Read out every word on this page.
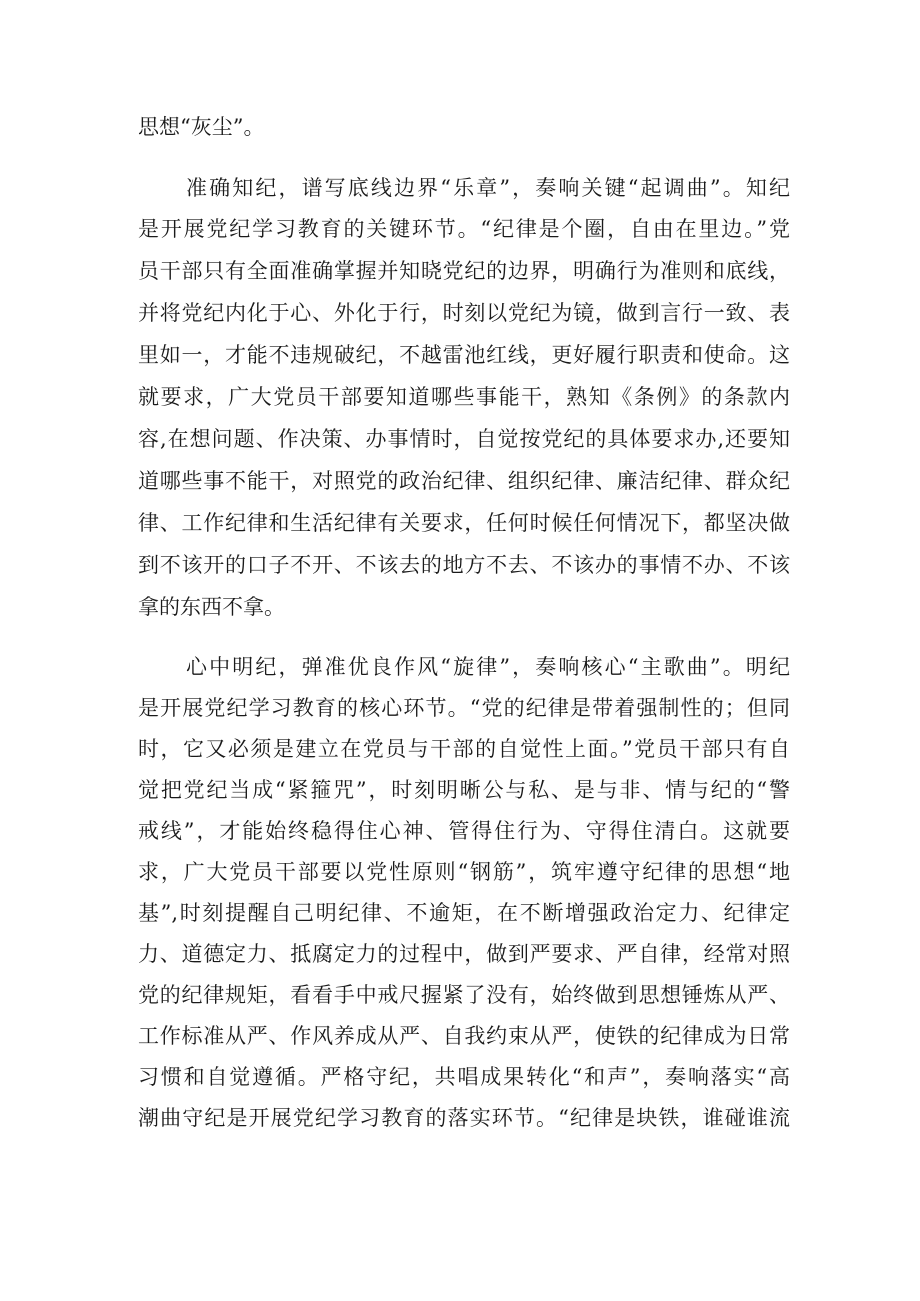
思想“灰尘”。
准确知纪，谱写底线边界“乐章”，奏响关键“起调曲”。知纪
是开展党纪学习教育的关键环节。“纪律是个圈，自由在里边。”党
员干部只有全面准确掌握并知晓党纪的边界，明确行为准则和底线，
并将党纪内化于心、外化于行，时刻以党纪为镜，做到言行一致、表
里如一，才能不违规破纪，不越雷池红线，更好履行职责和使命。这
就要求，广大党员干部要知道哪些事能干，熟知《条例》的条款内
容,在想问题、作决策、办事情时，自觉按党纪的具体要求办,还要知
道哪些事不能干，对照党的政治纪律、组织纪律、廉洁纪律、群众纪
律、工作纪律和生活纪律有关要求，任何时候任何情况下，都坚决做
到不该开的口子不开、不该去的地方不去、不该办的事情不办、不该
拿的东西不拿。
心中明纪，弹准优良作风“旋律”，奏响核心“主歌曲”。明纪
是开展党纪学习教育的核心环节。“党的纪律是带着强制性的；但同
时，它又必须是建立在党员与干部的自觉性上面。”党员干部只有自
觉把党纪当成“紧箍咒”，时刻明晰公与私、是与非、情与纪的“警
戒线”，才能始终稳得住心神、管得住行为、守得住清白。这就要
求，广大党员干部要以党性原则“钢筋”，筑牢遵守纪律的思想“地
基”,时刻提醒自己明纪律、不逾矩，在不断增强政治定力、纪律定
力、道德定力、抵腐定力的过程中，做到严要求、严自律，经常对照
党的纪律规矩，看看手中戒尺握紧了没有，始终做到思想锤炼从严、
工作标准从严、作风养成从严、自我约束从严，使铁的纪律成为日常
习惯和自觉遵循。严格守纪，共唱成果转化“和声”，奏响落实“高
潮曲守纪是开展党纪学习教育的落实环节。“纪律是块铁，谁碰谁流
